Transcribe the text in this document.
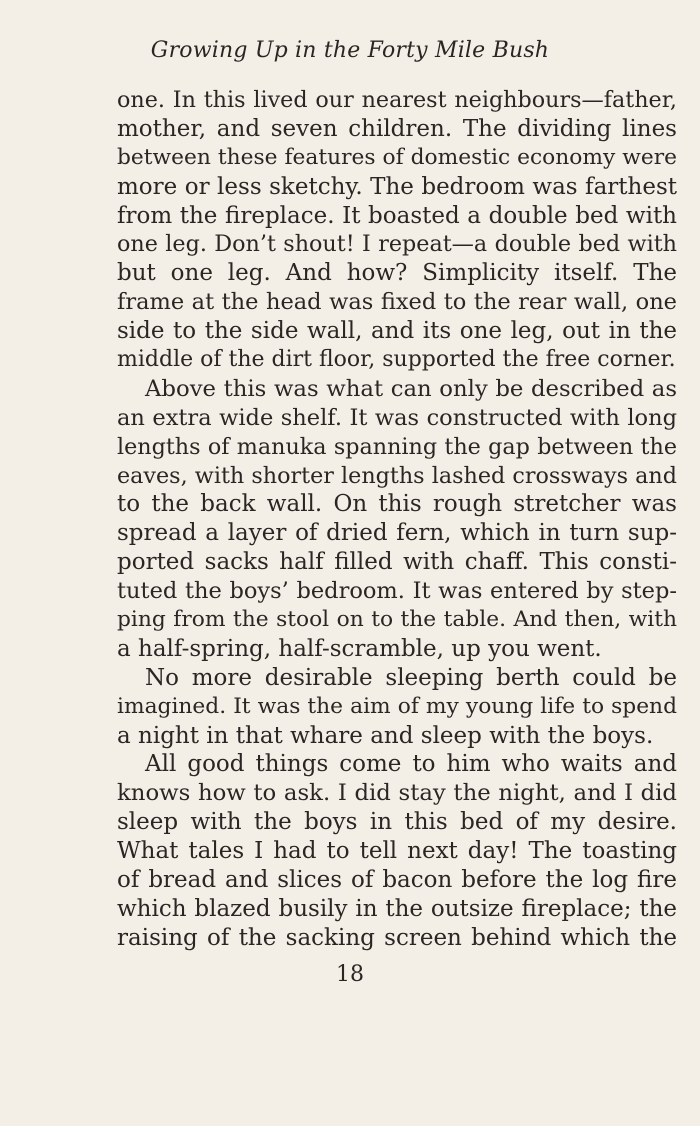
Growing Up in the Forty Mile Bush
one. In this lived our nearest neighbours—father,
mother, and seven children. The dividing lines
between these features of domestic economy were
more or less sketchy. The bedroom was farthest
from the fireplace. It boasted a double bed with
one leg. Don’t shout! I repeat—a double bed with
but one leg. And how? Simplicity itself. The
frame at the head was fixed to the rear wall, one
side to the side wall, and its one leg, out in the
middle of the dirt floor, supported the free corner.
Above this was what can only be described as
an extra wide shelf. It was constructed with long
lengths of manuka spanning the gap between the
eaves, with shorter lengths lashed crossways and
to the back wall. On this rough stretcher was
spread a layer of dried fern, which in turn sup-
ported sacks half filled with chaff. This consti-
tuted the boys’ bedroom. It was entered by step-
ping from the stool on to the table. And then, with
a half-spring, half-scramble, up you went.
No more desirable sleeping berth could be
imagined. It was the aim of my young life to spend
a night in that whare and sleep with the boys.
All good things come to him who waits and
knows how to ask. I did stay the night, and I did
sleep with the boys in this bed of my desire.
What tales I had to tell next day! The toasting
of bread and slices of bacon before the log fire
which blazed busily in the outsize fireplace; the
raising of the sacking screen behind which the
18
